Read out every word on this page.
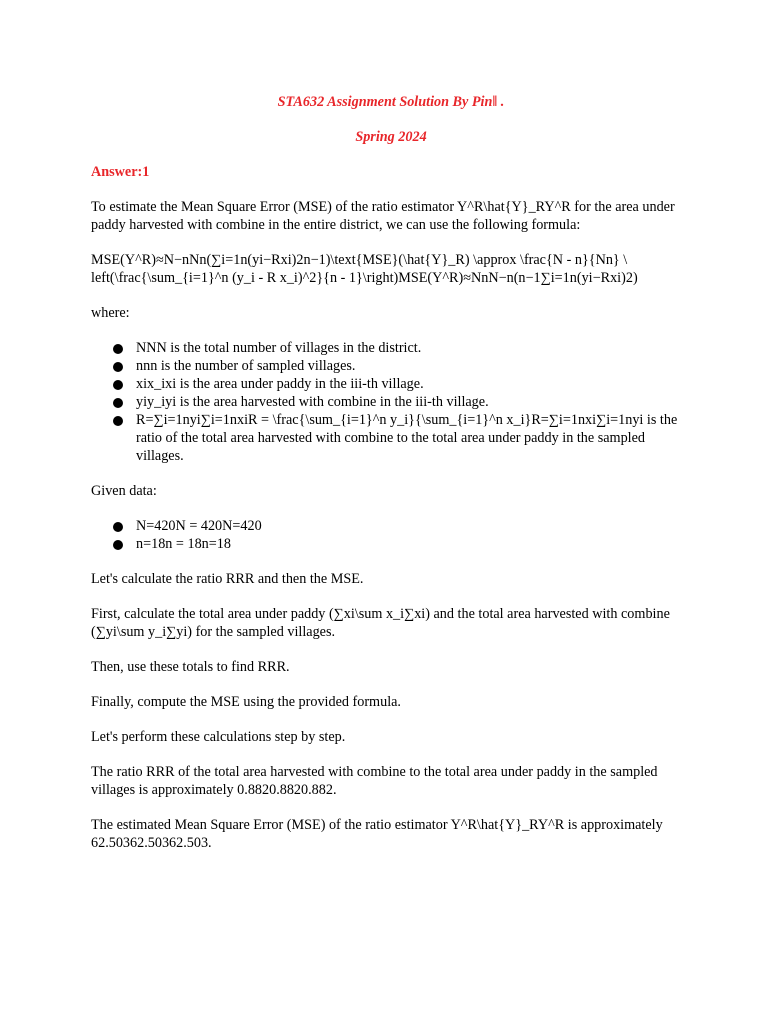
STA632 Assignment Solution By Pin‖ .

Spring 2024

Answer:1

To estimate the Mean Square Error (MSE) of the ratio estimator Y^R\hat{Y}_RY^R for the area under paddy harvested with combine in the entire district, we can use the following formula:

MSE(Y^R)≈N−nNn(∑i=1n(yi−Rxi)2n−1)\text{MSE}(\hat{Y}_R) \approx \frac{N - n}{Nn} \ left(\frac{\sum_{i=1}^n (y_i - R x_i)^2}{n - 1}\right)MSE(Y^R)≈NnN−n(n−1∑i=1n(yi−Rxi)2)

where:

NNN is the total number of villages in the district.
nnn is the number of sampled villages.
xix_ixi is the area under paddy in the iii-th village.
yiy_iyi is the area harvested with combine in the iii-th village.
R=∑i=1nyi∑i=1nxiR = \frac{\sum_{i=1}^n y_i}{\sum_{i=1}^n x_i}R=∑i=1nxi∑i=1nyi is the ratio of the total area harvested with combine to the total area under paddy in the sampled villages.

Given data:

N=420N = 420N=420
n=18n = 18n=18

Let's calculate the ratio RRR and then the MSE.

First, calculate the total area under paddy (∑xi\sum x_i∑xi) and the total area harvested with combine (∑yi\sum y_i∑yi) for the sampled villages.

Then, use these totals to find RRR.

Finally, compute the MSE using the provided formula.

Let's perform these calculations step by step.

The ratio RRR of the total area harvested with combine to the total area under paddy in the sampled villages is approximately 0.8820.8820.882.

The estimated Mean Square Error (MSE) of the ratio estimator Y^R\hat{Y}_RY^R is approximately 62.50362.50362.503.
